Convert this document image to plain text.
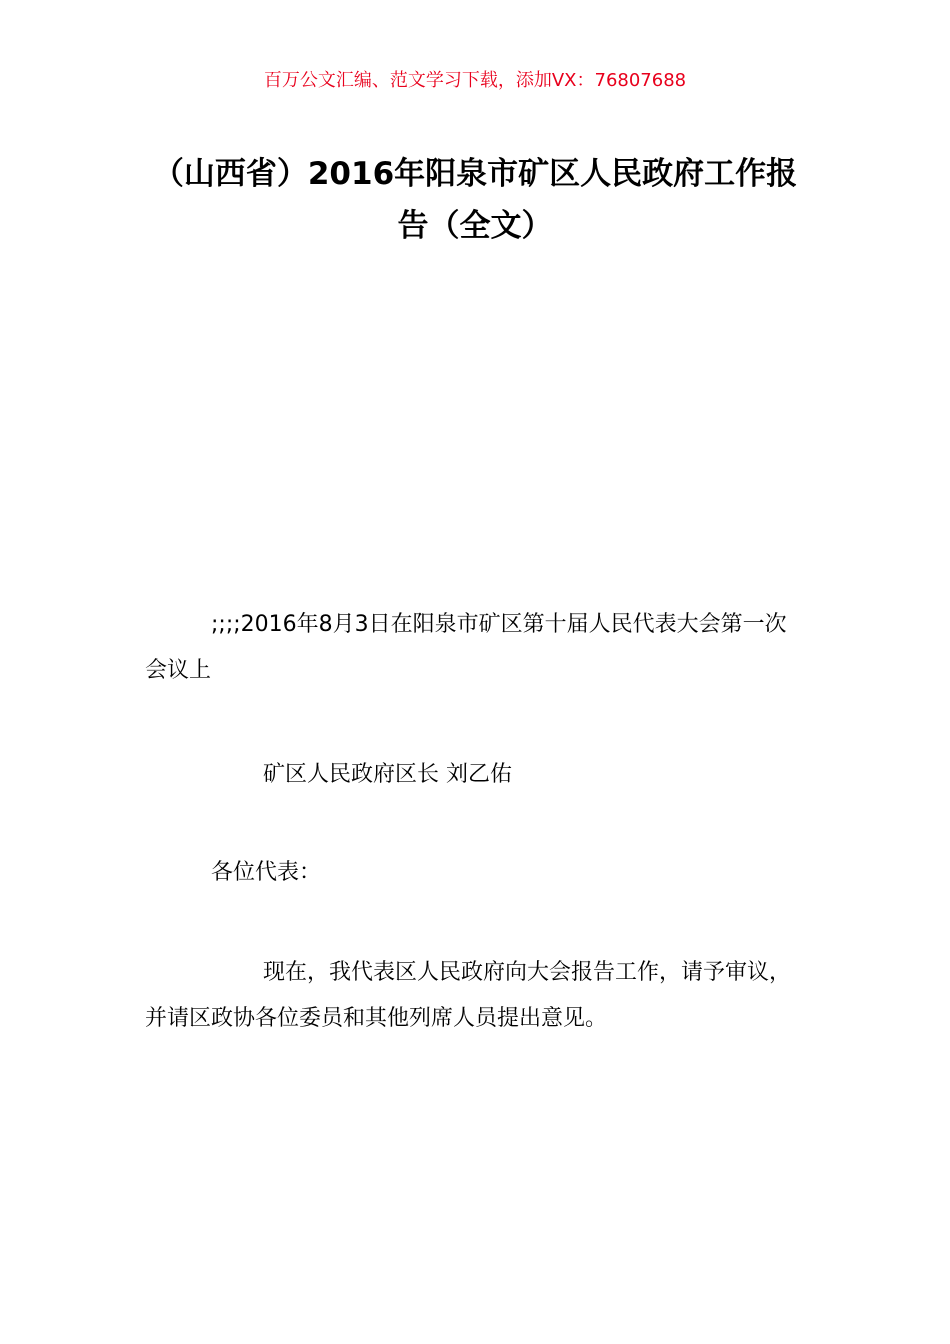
百万公文汇编、范文学习下载，添加VX：76807688
（山西省）2016年阳泉市矿区人民政府工作报告（全文）
;;;;2016年8月3日在阳泉市矿区第十届人民代表大会第一次会议上
矿区人民政府区长 刘乙佑
各位代表：
现在，我代表区人民政府向大会报告工作，请予审议，并请区政协各位委员和其他列席人员提出意见。
